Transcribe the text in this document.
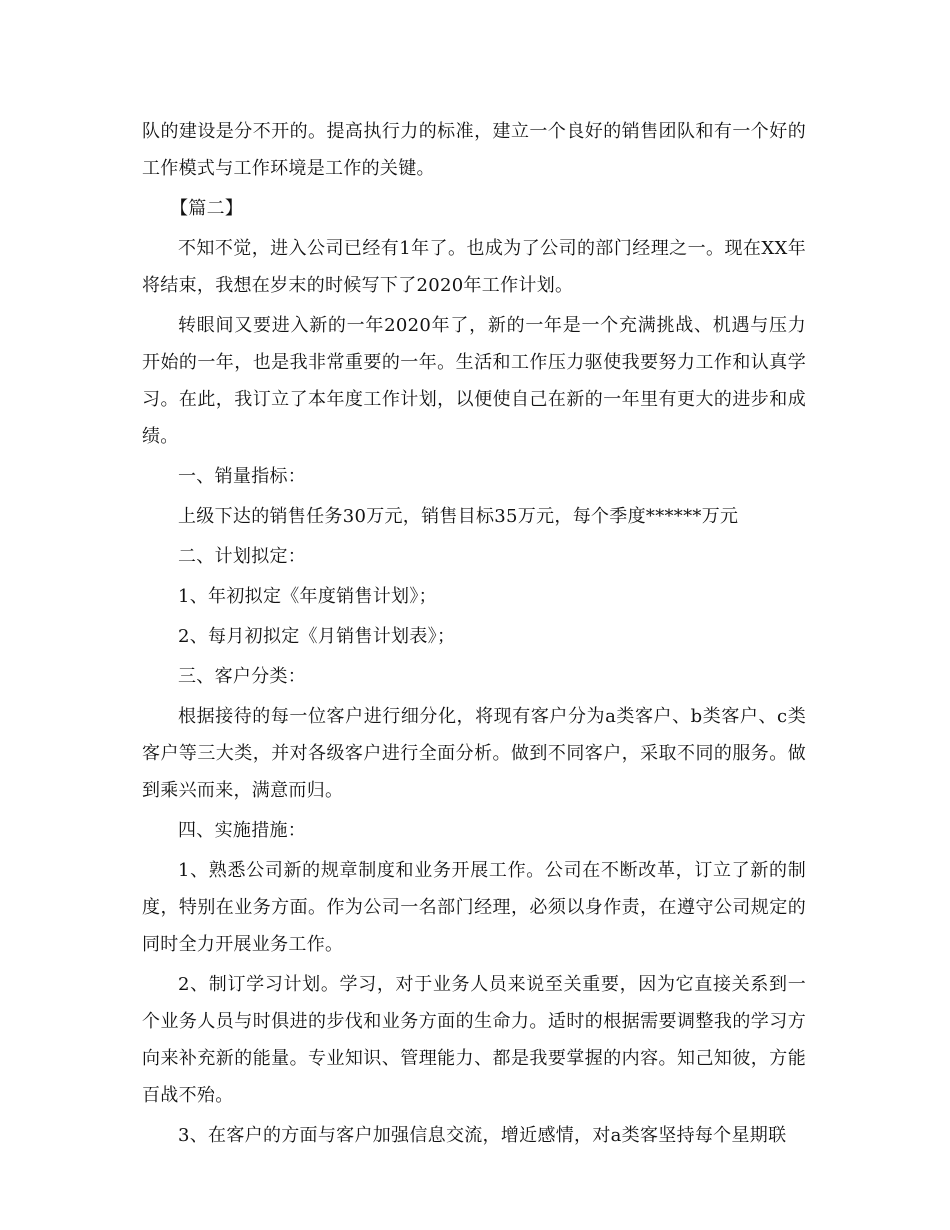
队的建设是分不开的。提高执行力的标准，建立一个良好的销售团队和有一个好的工作模式与工作环境是工作的关键。

【篇二】

不知不觉，进入公司已经有1年了。也成为了公司的部门经理之一。现在XX年将结束，我想在岁末的时候写下了2020年工作计划。

转眼间又要进入新的一年2020年了，新的一年是一个充满挑战、机遇与压力开始的一年，也是我非常重要的一年。生活和工作压力驱使我要努力工作和认真学习。在此，我订立了本年度工作计划，以便使自己在新的一年里有更大的进步和成绩。

一、销量指标：

上级下达的销售任务30万元，销售目标35万元，每个季度******万元

二、计划拟定：

1、年初拟定《年度销售计划》；

2、每月初拟定《月销售计划表》；

三、客户分类：

根据接待的每一位客户进行细分化，将现有客户分为a类客户、b类客户、c类客户等三大类，并对各级客户进行全面分析。做到不同客户，采取不同的服务。做到乘兴而来，满意而归。

四、实施措施：

1、熟悉公司新的规章制度和业务开展工作。公司在不断改革，订立了新的制度，特别在业务方面。作为公司一名部门经理，必须以身作责，在遵守公司规定的同时全力开展业务工作。

2、制订学习计划。学习，对于业务人员来说至关重要，因为它直接关系到一个业务人员与时俱进的步伐和业务方面的生命力。适时的根据需要调整我的学习方向来补充新的能量。专业知识、管理能力、都是我要掌握的内容。知己知彼，方能百战不殆。

3、在客户的方面与客户加强信息交流，增近感情，对a类客坚持每个星期联
